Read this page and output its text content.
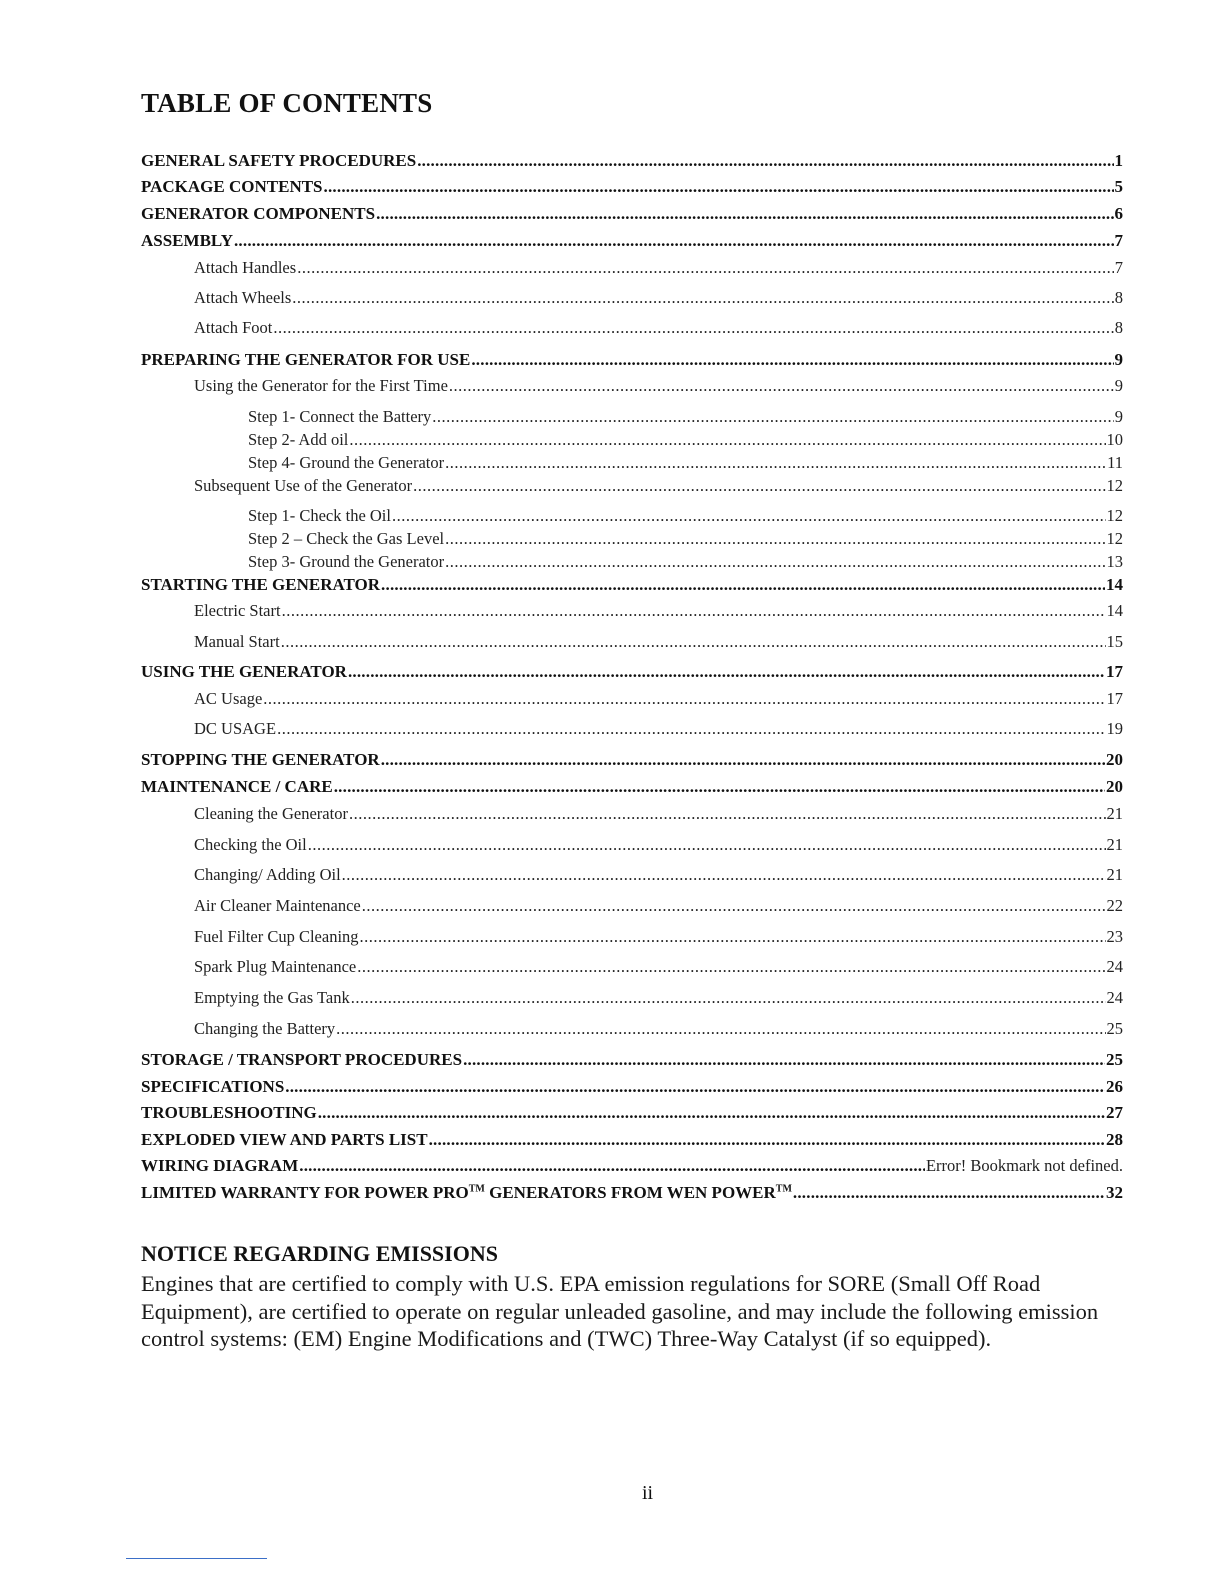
TABLE OF CONTENTS
GENERAL SAFETY PROCEDURES .....	1
PACKAGE CONTENTS .....	5
GENERATOR COMPONENTS .....	6
ASSEMBLY .....	7
Attach Handles .....	7
Attach Wheels .....	8
Attach Foot .....	8
PREPARING THE GENERATOR FOR USE .....	9
Using the Generator for the First Time .....	9
Step 1- Connect the Battery .....	9
Step 2- Add oil .....	10
Step 4- Ground the Generator .....	11
Subsequent Use of the Generator .....	12
Step 1- Check the Oil .....	12
Step 2 – Check the Gas Level .....	12
Step 3- Ground the Generator .....	13
STARTING THE GENERATOR .....	14
Electric Start .....	14
Manual Start .....	15
USING THE GENERATOR .....	17
AC Usage .....	17
DC USAGE .....	19
STOPPING THE GENERATOR .....	20
MAINTENANCE / CARE .....	20
Cleaning the Generator .....	21
Checking the Oil .....	21
Changing/ Adding Oil .....	21
Air Cleaner Maintenance .....	22
Fuel Filter Cup Cleaning .....	23
Spark Plug Maintenance .....	24
Emptying the Gas Tank .....	24
Changing the Battery .....	25
STORAGE / TRANSPORT PROCEDURES .....	25
SPECIFICATIONS .....	26
TROUBLESHOOTING .....	27
EXPLODED VIEW AND PARTS LIST .....	28
WIRING DIAGRAM .....	Error! Bookmark not defined.
LIMITED WARRANTY FOR POWER PRO™ GENERATORS FROM WEN POWER™ .....	32
NOTICE REGARDING EMISSIONS

Engines that are certified to comply with U.S. EPA emission regulations for SORE (Small Off Road Equipment), are certified to operate on regular unleaded gasoline, and may include the following emission control systems: (EM) Engine Modifications and (TWC) Three-Way Catalyst (if so equipped).

ii
